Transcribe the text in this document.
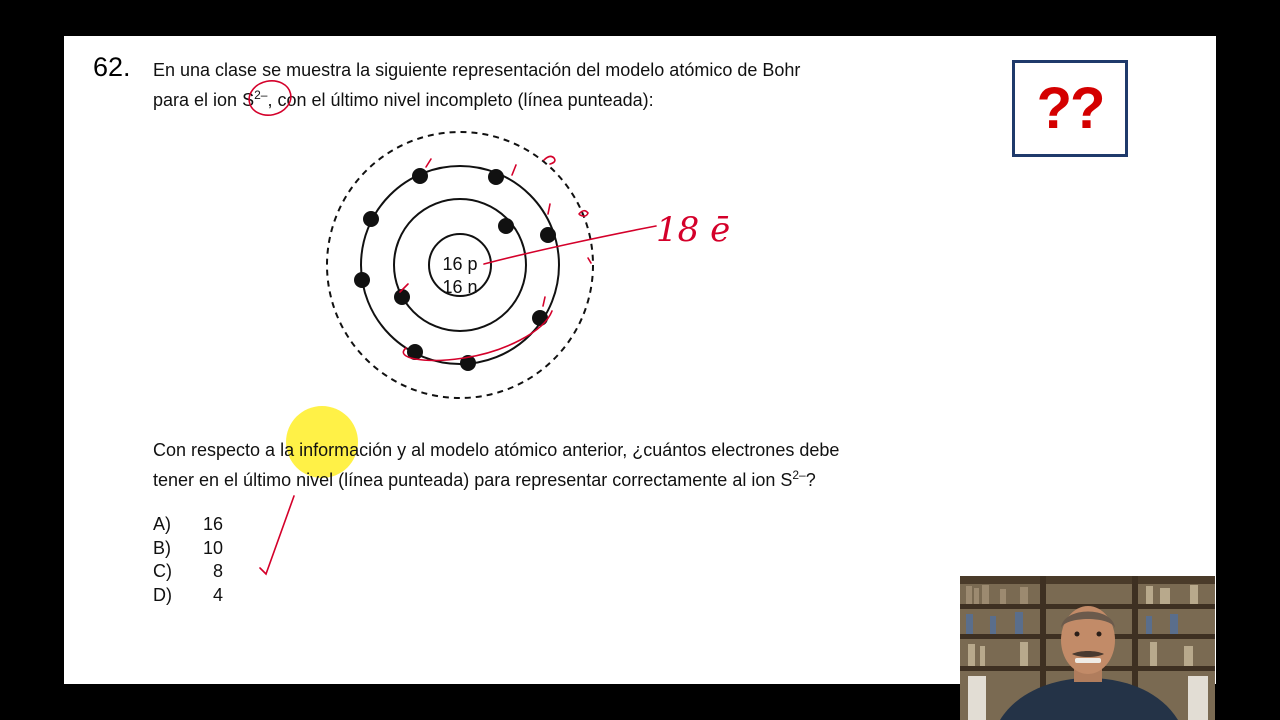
62. En una clase se muestra la siguiente representación del modelo atómico de Bohr
para el ion $S^{2-}$, con el último nivel incompleto (línea punteada):	??
16 p
16 n
18 ē
Con respecto a la información y al modelo atómico anterior, ¿cuántos electrones debe
tener en el último nivel (línea punteada) para representar correctamente al ion $S^{2-}$?
A) 16
B) 10
C) 8
D) 4
